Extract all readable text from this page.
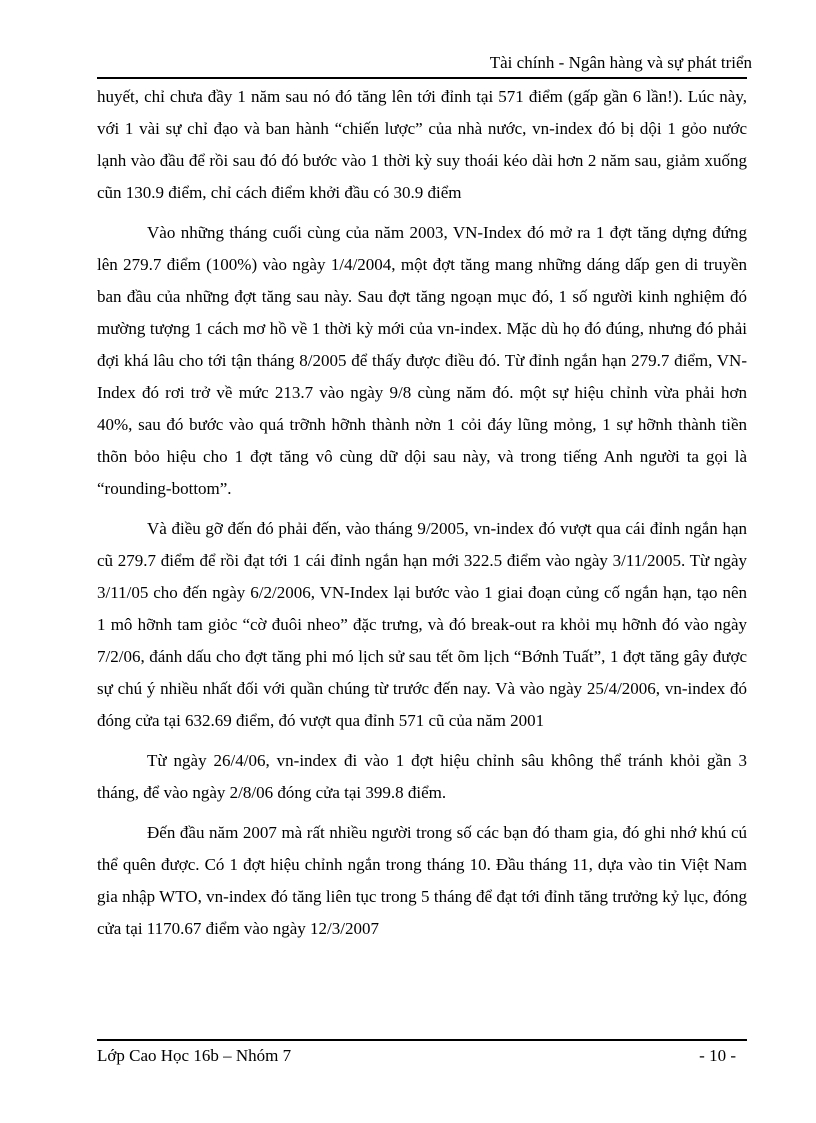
Tài chính - Ngân hàng và sự phát triển

huyết, chỉ chưa đầy 1 năm sau nó đó tăng lên tới đỉnh tại 571 điểm (gấp gần 6 lần!). Lúc này, với 1 vài sự chỉ đạo và ban hành “chiến lược” của nhà nước, vn-index đó bị dội 1 gỏo nước lạnh vào đầu để rồi sau đó đó bước vào 1 thời kỳ suy thoái kéo dài hơn 2 năm sau, giảm xuống cũn 130.9 điểm, chỉ cách điểm khởi đầu có 30.9 điểm

Vào những tháng cuối cùng của năm 2003, VN-Index đó mở ra 1 đợt tăng dựng đứng lên 279.7 điểm (100%) vào ngày 1/4/2004, một đợt tăng mang những dáng dấp gen di truyền ban đầu của những đợt tăng sau này. Sau đợt tăng ngoạn mục đó, 1 số người kinh nghiệm đó mường tượng 1 cách mơ hồ về 1 thời kỳ mới của vn-index. Mặc dù họ đó đúng, nhưng đó phải đợi khá lâu cho tới tận tháng 8/2005 để thấy được điều đó. Từ đỉnh ngắn hạn 279.7 điểm, VN-Index đó rơi trở về mức 213.7 vào ngày 9/8 cùng năm đó. một sự hiệu chỉnh vừa phải hơn 40%, sau đó bước vào quá trỡnh hỡnh thành nờn 1 cỏi đáy lũng mỏng, 1 sự hỡnh thành tiền thõn bỏo hiệu cho 1 đợt tăng vô cùng dữ dội sau này, và trong tiếng Anh người ta gọi là “rounding-bottom”.

Và điều gỡ đến đó phải đến, vào tháng 9/2005, vn-index đó vượt qua cái đỉnh ngắn hạn cũ 279.7 điểm để rồi đạt tới 1 cái đỉnh ngắn hạn mới 322.5 điểm vào ngày 3/11/2005. Từ ngày 3/11/05 cho đến ngày 6/2/2006, VN-Index lại bước vào 1 giai đoạn củng cố ngắn hạn, tạo nên 1 mô hỡnh tam giỏc “cờ đuôi nheo” đặc trưng, và đó break-out ra khỏi mụ hỡnh đó vào ngày 7/2/06, đánh dấu cho đợt tăng phi mó lịch sử sau tết õm lịch “Bớnh Tuất”, 1 đợt tăng gây được sự chú ý nhiều nhất đối với quần chúng từ trước đến nay. Và vào ngày 25/4/2006, vn-index đó đóng cửa tại 632.69 điểm, đó vượt qua đỉnh 571 cũ của năm 2001

Từ ngày 26/4/06, vn-index đi vào 1 đợt hiệu chỉnh sâu không thể tránh khỏi gần 3 tháng, để vào ngày 2/8/06 đóng cửa tại 399.8 điểm.

Đến đầu năm 2007 mà rất nhiều người trong số các bạn đó tham gia, đó ghi nhớ khú cú thể quên được. Có 1 đợt hiệu chỉnh ngắn trong tháng 10. Đầu tháng 11, dựa vào tin Việt Nam gia nhập WTO, vn-index đó tăng liên tục trong 5 tháng để đạt tới đỉnh tăng trưởng kỷ lục, đóng cửa tại 1170.67 điểm vào ngày 12/3/2007

Lớp Cao Học 16b – Nhóm 7	- 10 -
